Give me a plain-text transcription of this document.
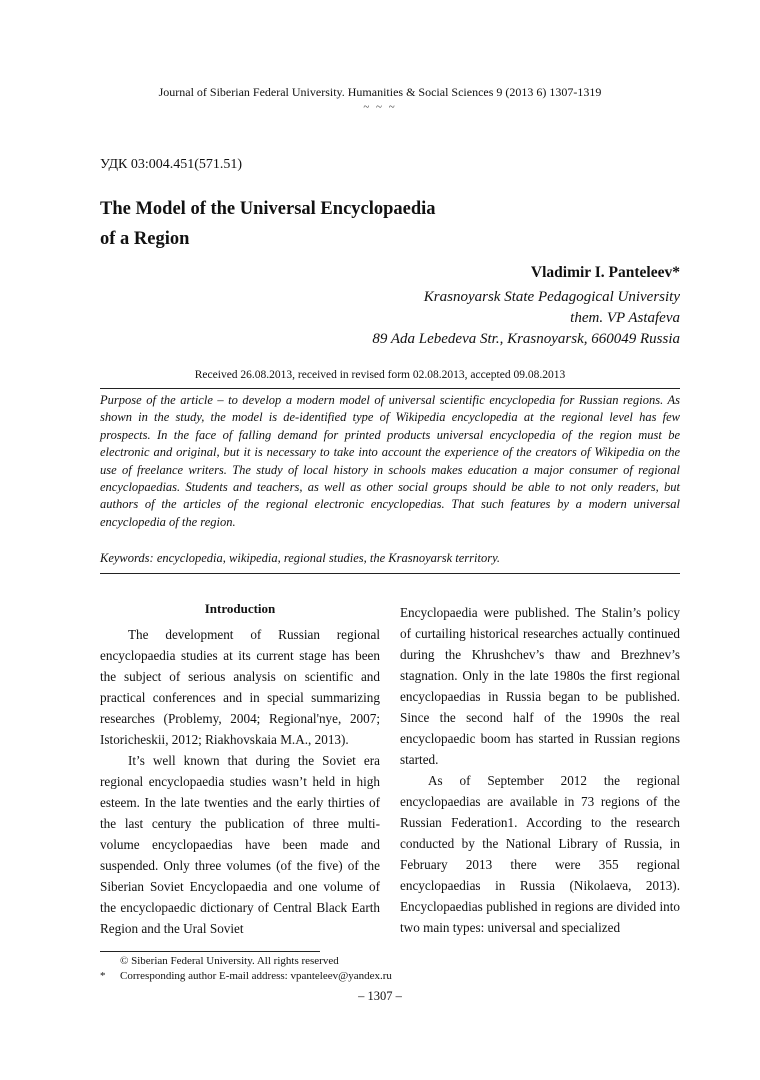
Journal of Siberian Federal University. Humanities & Social Sciences 9 (2013 6) 1307-1319
~ ~ ~
УДК 03:004.451(571.51)
The Model of the Universal Encyclopaedia
of a Region
Vladimir I. Panteleev*
Krasnoyarsk State Pedagogical University
them. VP Astafeva
89 Ada Lebedeva Str., Krasnoyarsk, 660049 Russia
Received 26.08.2013, received in revised form 02.08.2013, accepted 09.08.2013
Purpose of the article – to develop a modern model of universal scientific encyclopedia for Russian regions. As shown in the study, the model is de-identified type of Wikipedia encyclopedia at the regional level has few prospects. In the face of falling demand for printed products universal encyclopedia of the region must be electronic and original, but it is necessary to take into account the experience of the creators of Wikipedia on the use of freelance writers. The study of local history in schools makes education a major consumer of regional encyclopaedias. Students and teachers, as well as other social groups should be able to not only readers, but authors of the articles of the regional electronic encyclopedias. That such features by a modern universal encyclopedia of the region.
Keywords: encyclopedia, wikipedia, regional studies, the Krasnoyarsk territory.

Introduction

The development of Russian regional encyclopaedia studies at its current stage has been the subject of serious analysis on scientific and practical conferences and in special summarizing researches (Problemy, 2004; Regional'nye, 2007; Istoricheskii, 2012; Riakhovskaia M.A., 2013).

It’s well known that during the Soviet era regional encyclopaedia studies wasn’t held in high esteem. In the late twenties and the early thirties of the last century the publication of three multi-volume encyclopaedias have been made and suspended. Only three volumes (of the five) of the Siberian Soviet Encyclopaedia and one volume of the encyclopaedic dictionary of Central Black Earth Region and the Ural Soviet

Encyclopaedia were published. The Stalin’s policy of curtailing historical researches actually continued during the Khrushchev’s thaw and Brezhnev’s stagnation. Only in the late 1980s the first regional encyclopaedias in Russia began to be published. Since the second half of the 1990s the real encyclopaedic boom has started in Russian regions started.

As of September 2012 the regional encyclopaedias are available in 73 regions of the Russian Federation1. According to the research conducted by the National Library of Russia, in February 2013 there were 355 regional encyclopaedias in Russia (Nikolaeva, 2013). Encyclopaedias published in regions are divided into two main types: universal and specialized

© Siberian Federal University. All rights reserved
*	Corresponding author E-mail address: vpanteleev@yandex.ru
– 1307 –
